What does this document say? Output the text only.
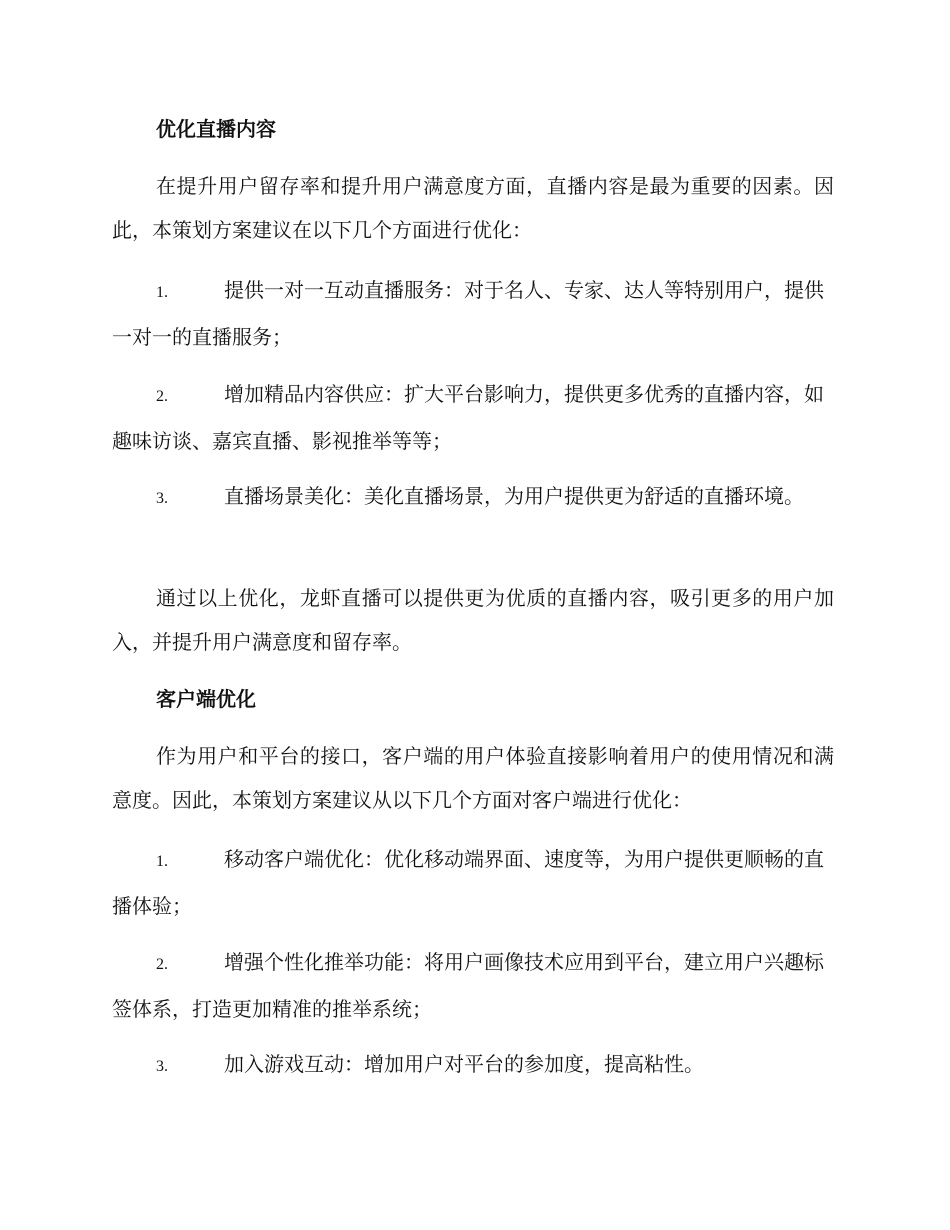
优化直播内容

在提升用户留存率和提升用户满意度方面，直播内容是最为重要的因素。因此，本策划方案建议在以下几个方面进行优化：

1.	提供一对一互动直播服务：对于名人、专家、达人等特别用户，提供一对一的直播服务；

2.	增加精品内容供应：扩大平台影响力，提供更多优秀的直播内容，如趣味访谈、嘉宾直播、影视推举等等；

3.	直播场景美化：美化直播场景，为用户提供更为舒适的直播环境。

通过以上优化，龙虾直播可以提供更为优质的直播内容，吸引更多的用户加入，并提升用户满意度和留存率。

客户端优化

作为用户和平台的接口，客户端的用户体验直接影响着用户的使用情况和满意度。因此，本策划方案建议从以下几个方面对客户端进行优化：

1.	移动客户端优化：优化移动端界面、速度等，为用户提供更顺畅的直播体验；

2.	增强个性化推举功能：将用户画像技术应用到平台，建立用户兴趣标签体系，打造更加精准的推举系统；

3.	加入游戏互动：增加用户对平台的参加度，提高粘性。
